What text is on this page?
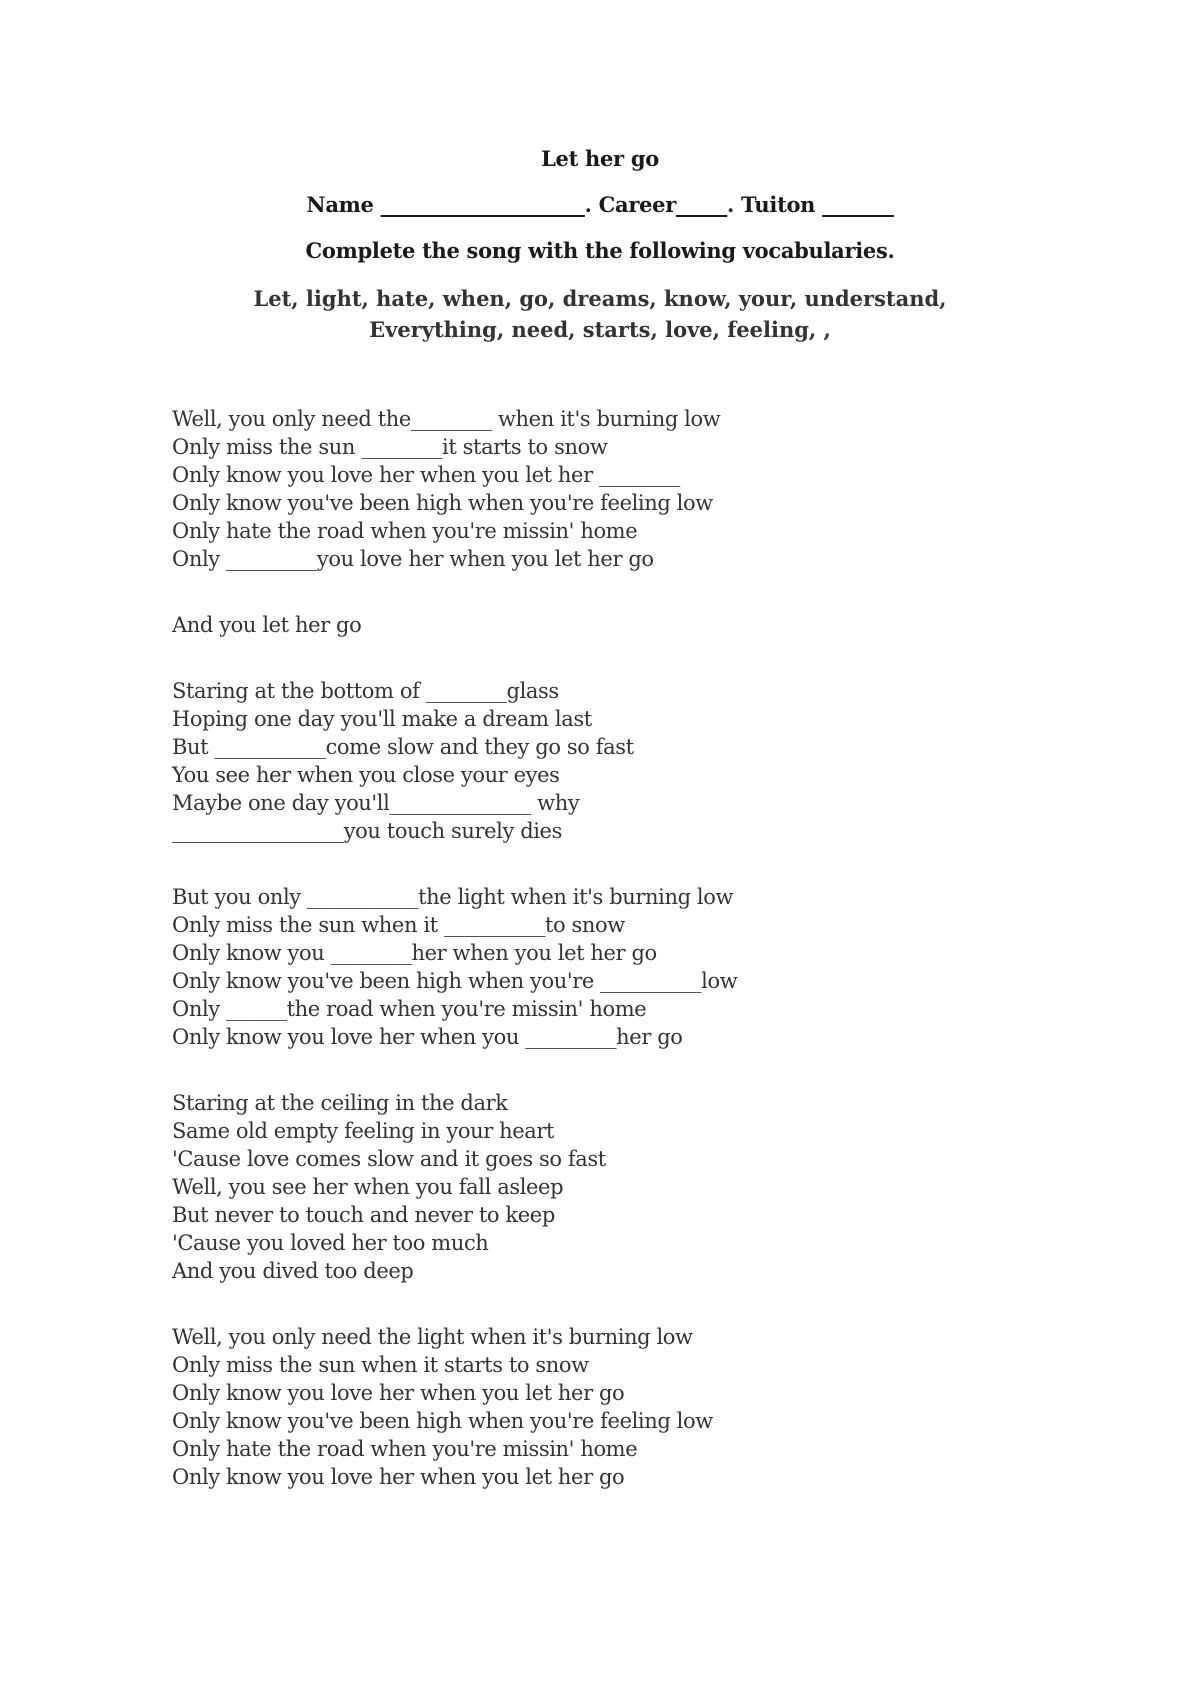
Let her go
Name ____________________. Career_____. Tuiton _______
Complete the song with the following vocabularies.
Let, light, hate, when, go, dreams, know, your, understand, Everything, need, starts, love, feeling, ,
Well, you only need the________ when it's burning low
Only miss the sun ________it starts to snow
Only know you love her when you let her ________
Only know you've been high when you're feeling low
Only hate the road when you're missin' home
Only _________you love her when you let her go
And you let her go
Staring at the bottom of ________glass
Hoping one day you'll make a dream last
But ___________come slow and they go so fast
You see her when you close your eyes
Maybe one day you'll______________ why
_________________you touch surely dies
But you only ___________the light when it's burning low
Only miss the sun when it __________to snow
Only know you ________her when you let her go
Only know you've been high when you're __________low
Only ______the road when you're missin' home
Only know you love her when you _________her go
Staring at the ceiling in the dark
Same old empty feeling in your heart
'Cause love comes slow and it goes so fast
Well, you see her when you fall asleep
But never to touch and never to keep
'Cause you loved her too much
And you dived too deep
Well, you only need the light when it's burning low
Only miss the sun when it starts to snow
Only know you love her when you let her go
Only know you've been high when you're feeling low
Only hate the road when you're missin' home
Only know you love her when you let her go
